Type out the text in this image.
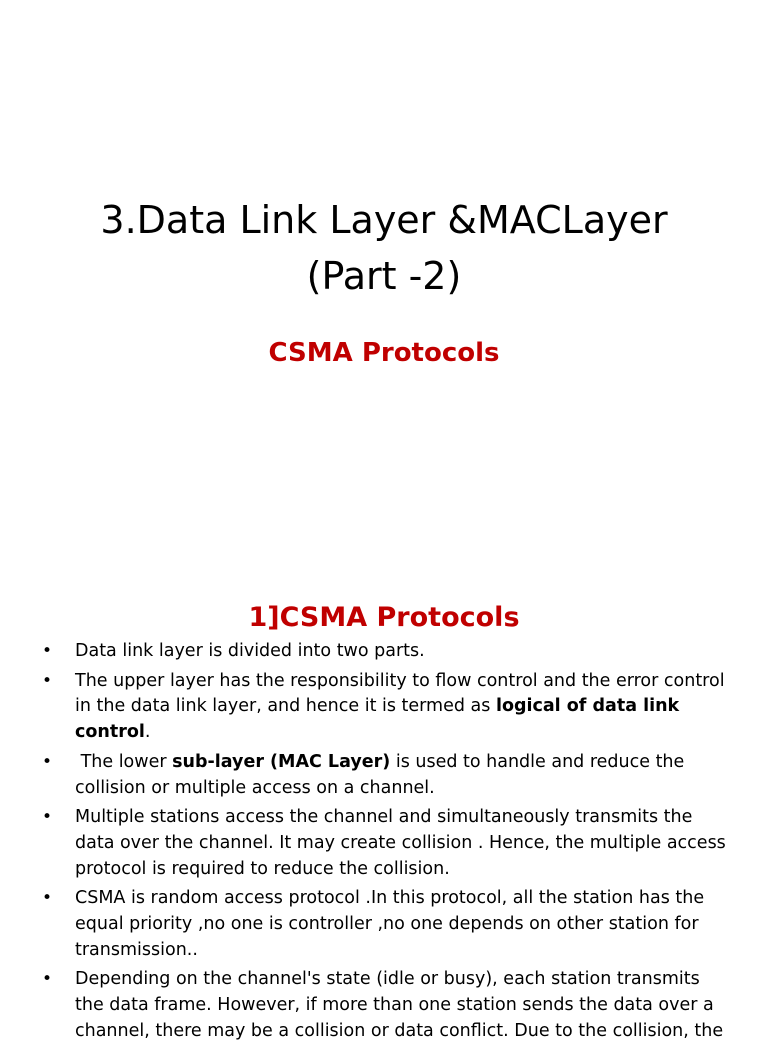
3.Data Link Layer &MACLayer
(Part -2)
CSMA Protocols
1]CSMA Protocols
• Data link layer is divided into two parts.
• The upper layer has the responsibility to flow control and the error control in the data link layer, and hence it is termed as logical of data link control.
• The lower sub-layer (MAC Layer) is used to handle and reduce the collision or multiple access on a channel.
• Multiple stations access the channel and simultaneously transmits the data over the channel. It may create collision . Hence, the multiple access protocol is required to reduce the collision.
• CSMA is random access protocol .In this protocol, all the station has the equal priority ,no one is controller ,no one depends on other station for transmission..
• Depending on the channel's state (idle or busy), each station transmits the data frame. However, if more than one station sends the data over a channel, there may be a collision or data conflict. Due to the collision, the
